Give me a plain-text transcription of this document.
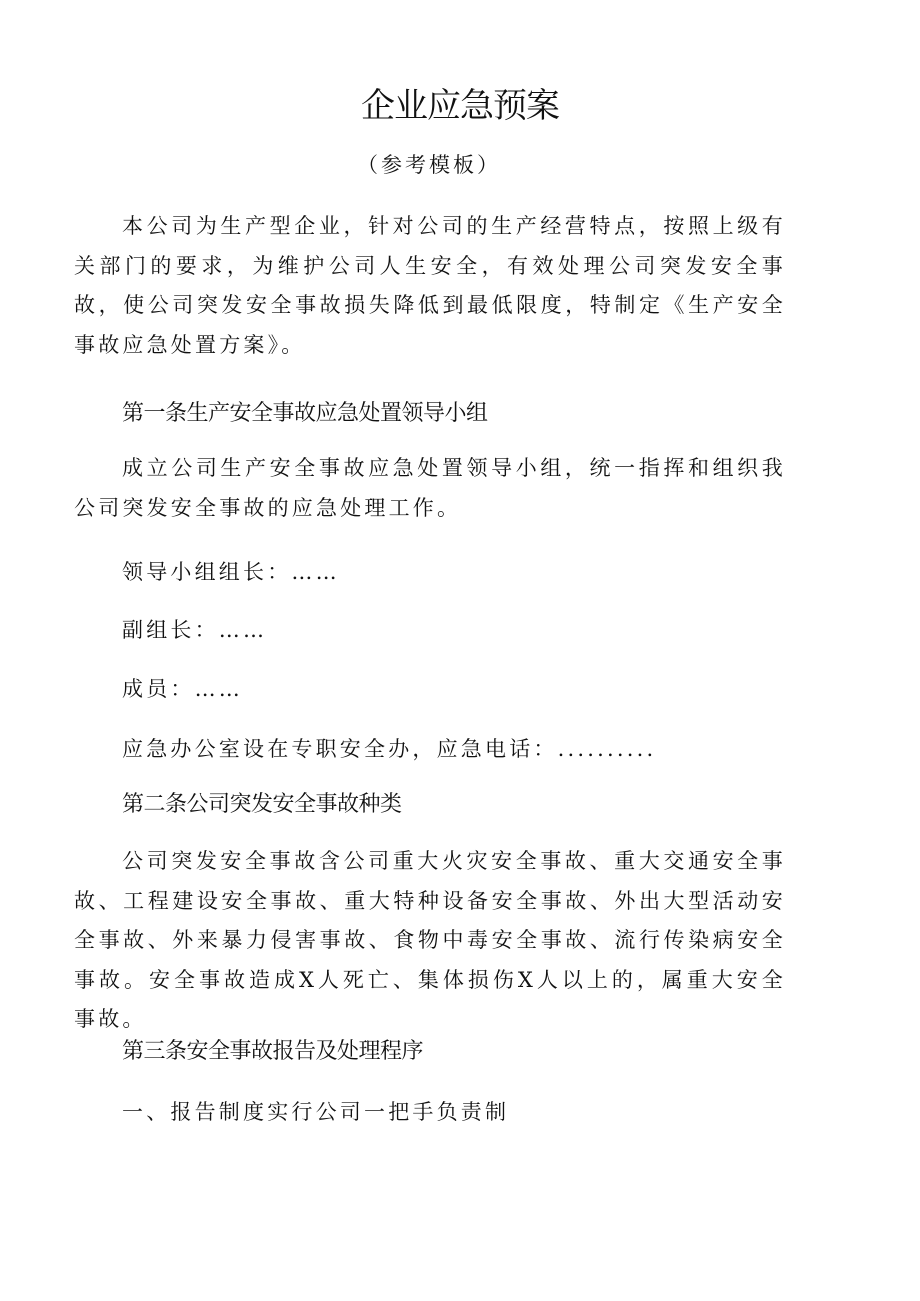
企业应急预案
（参考模板）

本公司为生产型企业，针对公司的生产经营特点，按照上级有关部门的要求，为维护公司人生安全，有效处理公司突发安全事故，使公司突发安全事故损失降低到最低限度，特制定《生产安全事故应急处置方案》。

第一条生产安全事故应急处置领导小组

成立公司生产安全事故应急处置领导小组，统一指挥和组织我公司突发安全事故的应急处理工作。

领导小组组长：……

副组长：……

成员：……

应急办公室设在专职安全办，应急电话：..........

第二条公司突发安全事故种类

公司突发安全事故含公司重大火灾安全事故、重大交通安全事故、工程建设安全事故、重大特种设备安全事故、外出大型活动安全事故、外来暴力侵害事故、食物中毒安全事故、流行传染病安全事故。安全事故造成X人死亡、集体损伤X人以上的，属重大安全事故。

第三条安全事故报告及处理程序

一、报告制度实行公司一把手负责制
